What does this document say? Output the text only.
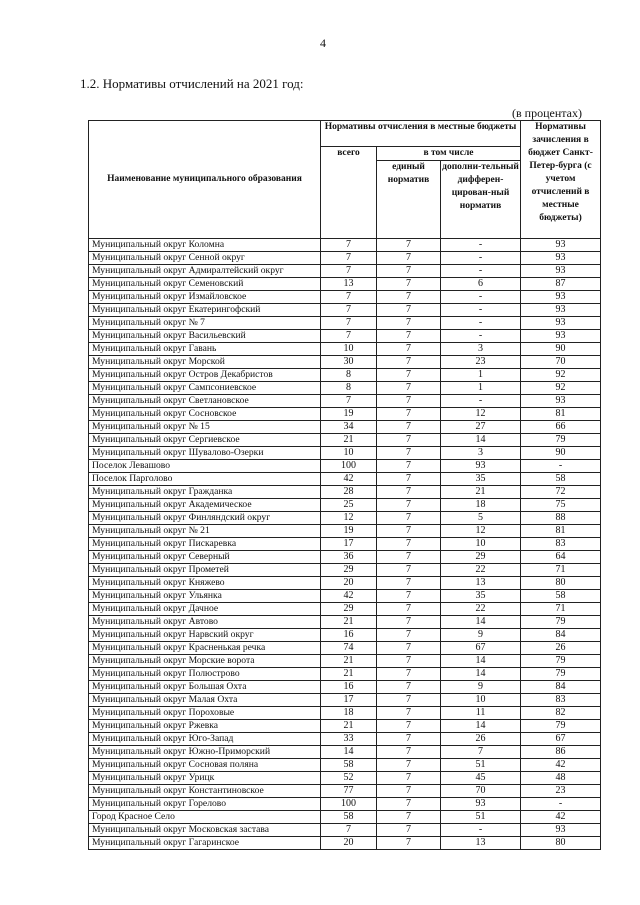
4
1.2. Нормативы отчислений на 2021 год:
(в процентах)
Наименование муниципального образования	Нормативы отчисления в местные бюджеты			Нормативы зачисления в бюджет Санкт-Петер-бурга (с учетом отчислений в местные бюджеты)
	всего	в том числе		
		единый норматив	дополни-тельный дифферен-цирован-ный норматив	
Муниципальный округ Коломна	7	7	-	93
Муниципальный округ Сенной округ	7	7	-	93
Муниципальный округ Адмиралтейский округ	7	7	-	93
Муниципальный округ Семеновский	13	7	6	87
Муниципальный округ Измайловское	7	7	-	93
Муниципальный округ Екатерингофский	7	7	-	93
Муниципальный округ № 7	7	7	-	93
Муниципальный округ Васильевский	7	7	-	93
Муниципальный округ Гавань	10	7	3	90
Муниципальный округ Морской	30	7	23	70
Муниципальный округ Остров Декабристов	8	7	1	92
Муниципальный округ Сампсониевское	8	7	1	92
Муниципальный округ Светлановское	7	7	-	93
Муниципальный округ Сосновское	19	7	12	81
Муниципальный округ № 15	34	7	27	66
Муниципальный округ Сергиевское	21	7	14	79
Муниципальный округ Шувалово-Озерки	10	7	3	90
Поселок Левашово	100	7	93	-
Поселок Парголово	42	7	35	58
Муниципальный округ Гражданка	28	7	21	72
Муниципальный округ Академическое	25	7	18	75
Муниципальный округ Финляндский округ	12	7	5	88
Муниципальный округ № 21	19	7	12	81
Муниципальный округ Пискаревка	17	7	10	83
Муниципальный округ Северный	36	7	29	64
Муниципальный округ Прометей	29	7	22	71
Муниципальный округ Княжево	20	7	13	80
Муниципальный округ Ульянка	42	7	35	58
Муниципальный округ Дачное	29	7	22	71
Муниципальный округ Автово	21	7	14	79
Муниципальный округ Нарвский округ	16	7	9	84
Муниципальный округ Красненькая речка	74	7	67	26
Муниципальный округ Морские ворота	21	7	14	79
Муниципальный округ Полюстрово	21	7	14	79
Муниципальный округ Большая Охта	16	7	9	84
Муниципальный округ Малая Охта	17	7	10	83
Муниципальный округ Пороховые	18	7	11	82
Муниципальный округ Ржевка	21	7	14	79
Муниципальный округ Юго-Запад	33	7	26	67
Муниципальный округ Южно-Приморский	14	7	7	86
Муниципальный округ Сосновая поляна	58	7	51	42
Муниципальный округ Урицк	52	7	45	48
Муниципальный округ Константиновское	77	7	70	23
Муниципальный округ Горелово	100	7	93	-
Город Красное Село	58	7	51	42
Муниципальный округ Московская застава	7	7	-	93
Муниципальный округ Гагаринское	20	7	13	80
